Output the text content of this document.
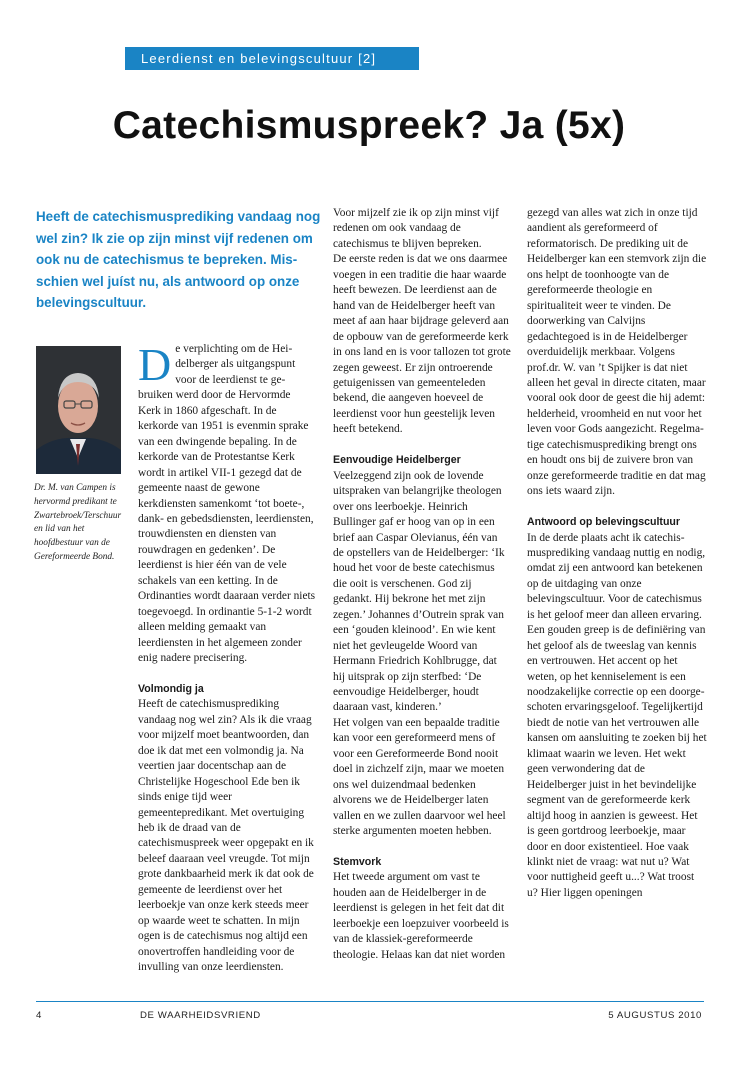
Leerdienst en belevingscultuur [2]
Catechismuspreek? Ja (5x)

Heeft de catechismusprediking vandaag nog wel zin? Ik zie op zijn minst vijf redenen om ook nu de catechismus te bepreken. Misschien wel juíst nu, als antwoord op onze belevingscultuur.

Dr. M. van Campen is hervormd predikant te Zwartebroek/Terschuur en lid van het hoofdbestuur van de Gereformeerde Bond.

De verplichting om de Heidelberger als uitgangspunt voor de leerdienst te gebruiken werd door de Hervormde Kerk in 1860 afgeschaft. In de kerkorde van 1951 is evenmin sprake van een dwingende bepaling. In de kerkorde van de Protestantse Kerk wordt in artikel VII-1 gezegd dat de gemeente naast de gewone kerkdiensten samenkomt ‘tot boete-, dank- en gebedsdiensten, leerdiensten, trouwdiensten en diensten van rouwdragen en gedenken’. De leerdienst is hier één van de vele schakels van een ketting. In de Ordinanties wordt daaraan verder niets toegevoegd. In ordinantie 5-1-2 wordt alleen melding gemaakt van leerdiensten in het algemeen zonder enig nadere precisering.

Volmondig ja

Heeft de catechismusprediking vandaag nog wel zin? Als ik die vraag voor mijzelf moet beantwoorden, dan doe ik dat met een volmondig ja. Na veertien jaar docentschap aan de Christelijke Hogeschool Ede ben ik sinds enige tijd weer gemeentepredikant. Met overtuiging heb ik de draad van de catechismuspreek weer opgepakt en ik beleef daaraan veel vreugde. Tot mijn grote dankbaarheid merk ik dat ook de gemeente de leerdienst over het leerboekje van onze kerk steeds meer op waarde weet te schatten. In mijn ogen is de catechismus nog altijd een onovertroffen handleiding voor de invulling van onze leerdiensten.

Voor mijzelf zie ik op zijn minst vijf redenen om ook vandaag de catechismus te blijven bepreken.

De eerste reden is dat we ons daarmee voegen in een traditie die haar waarde heeft bewezen. De leerdienst aan de hand van de Heidelberger heeft van meet af aan haar bijdrage geleverd aan de opbouw van de gereformeerde kerk in ons land en is voor tallozen tot grote zegen geweest. Er zijn ontroerende getuigenissen van gemeenteleden bekend, die aangeven hoeveel de leerdienst voor hun geestelijk leven heeft betekend.

Eenvoudige Heidelberger

Veelzeggend zijn ook de lovende uitspraken van belangrijke theologen over ons leerboekje. Heinrich Bullinger gaf er hoog van op in een brief aan Caspar Olevianus, één van de opstellers van de Heidelberger: ‘Ik houd het voor de beste catechismus die ooit is verschenen. God zij gedankt. Hij bekrone het met zijn zegen.’ Johannes d’Outrein sprak van een ‘gouden kleinood’. En wie kent niet het gevleugelde Woord van Hermann Friedrich Kohlbrugge, dat hij uitsprak op zijn sterfbed: ‘De eenvoudige Heidelberger, houdt daaraan vast, kinderen.’

Het volgen van een bepaalde traditie kan voor een gereformeerd mens of voor een Gereformeerde Bond nooit doel in zichzelf zijn, maar we moeten ons wel duizendmaal bedenken alvorens we de Heidelberger laten vallen en we zullen daarvoor wel heel sterke argumenten moeten hebben.

Stemvork

Het tweede argument om vast te houden aan de Heidelberger in de leerdienst is gelegen in het feit dat dit leerboekje een loepzuiver voorbeeld is van de klassiek-gereformeerde theologie. Helaas kan dat niet worden

gezegd van alles wat zich in onze tijd aandient als gereformeerd of reformatorisch. De prediking uit de Heidelberger kan een stemvork zijn die ons helpt de toonhoogte van de gereformeerde theologie en spiritualiteit weer te vinden. De doorwerking van Calvijns gedachtegoed is in de Heidelberger overduidelijk merkbaar. Volgens prof.dr. W. van ’t Spijker is dat niet alleen het geval in directe citaten, maar vooral ook door de geest die hij ademt: helderheid, vroomheid en nut voor het leven voor Gods aangezicht. Regelmatige catechismusprediking brengt ons en houdt ons bij de zuivere bron van onze gereformeerde traditie en dat mag ons iets waard zijn.

Antwoord op belevingscultuur

In de derde plaats acht ik catechismusprediking vandaag nuttig en nodig, omdat zij een antwoord kan betekenen op de uitdaging van onze belevingscultuur. Voor de catechismus is het geloof meer dan alleen ervaring. Een gouden greep is de definiëring van het geloof als de tweeslag van kennis en vertrouwen. Het accent op het weten, op het kenniselement is een noodzakelijke correctie op een doorgeschoten ervaringsgeloof. Tegelijkertijd biedt de notie van het vertrouwen alle kansen om aansluiting te zoeken bij het klimaat waarin we leven. Het wekt geen verwondering dat de Heidelberger juist in het bevindelijke segment van de gereformeerde kerk altijd hoog in aanzien is geweest. Het is geen gortdroog leerboekje, maar door en door existentieel. Hoe vaak klinkt niet de vraag: wat nut u? Wat voor nuttigheid geeft u...? Wat troost u? Hier liggen openingen

4	DE WAARHEIDSVRIEND	5 AUGUSTUS 2010
